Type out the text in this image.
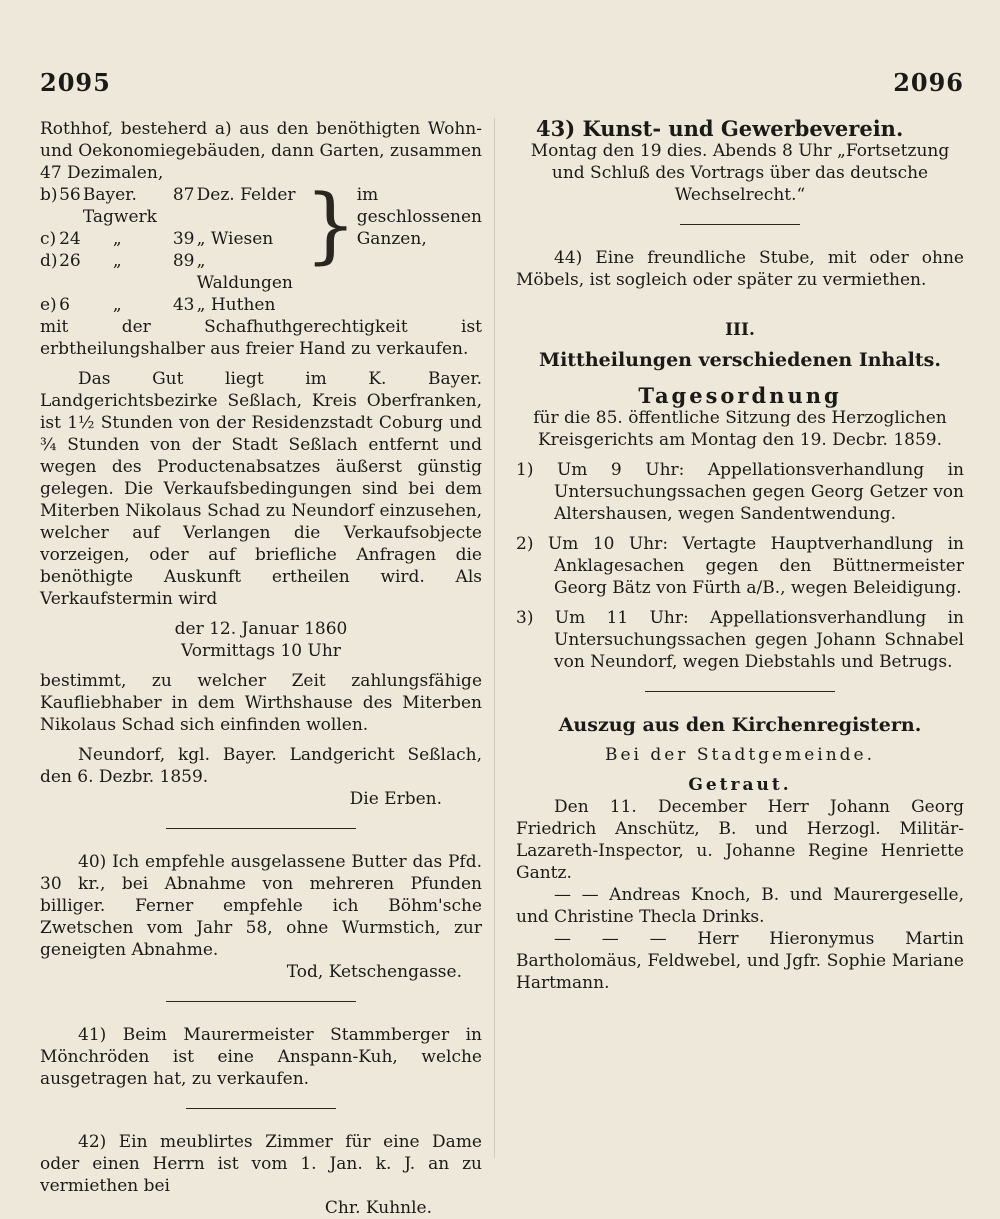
2095	2096

Rothhof, besteherd a) aus den benöthigten Wohn- und Oekonomiegebäuden, dann Garten, zusammen 47 Dezimalen,

b)	56	Bayer. Tagwerk	87	Dez. Felder	}	im geschlossenen Ganzen,
c)	24	„	39	„ Wiesen		
d)	26	„	89	„ Waldungen		
e)	6	„	43	„ Huthen		

mit der Schafhuthgerechtigkeit ist erbtheilungshalber aus freier Hand zu verkaufen.

Das Gut liegt im K. Bayer. Landgerichtsbezirke Seßlach, Kreis Oberfranken, ist 1½ Stunden von der Residenzstadt Coburg und ¾ Stunden von der Stadt Seßlach entfernt und wegen des Productenabsatzes äußerst günstig gelegen. Die Verkaufsbedingungen sind bei dem Miterben Nikolaus Schad zu Neundorf einzusehen, welcher auf Verlangen die Verkaufsobjecte vorzeigen, oder auf briefliche Anfragen die benöthigte Auskunft ertheilen wird. Als Verkaufstermin wird

der 12. Januar 1860

Vormittags 10 Uhr

bestimmt, zu welcher Zeit zahlungsfähige Kaufliebhaber in dem Wirthshause des Miterben Nikolaus Schad sich einfinden wollen.

Neundorf, kgl. Bayer. Landgericht Seßlach, den 6. Dezbr. 1859.

Die Erben.

40) Ich empfehle ausgelassene Butter das Pfd. 30 kr., bei Abnahme von mehreren Pfunden billiger. Ferner empfehle ich Böhm'sche Zwetschen vom Jahr 58, ohne Wurmstich, zur geneigten Abnahme.

Tod, Ketschengasse.

41) Beim Maurermeister Stammberger in Mönchröden ist eine Anspann-Kuh, welche ausgetragen hat, zu verkaufen.

42) Ein meublirtes Zimmer für eine Dame oder einen Herrn ist vom 1. Jan. k. J. an zu vermiethen bei

Chr. Kuhnle.

43) Kunst- und Gewerbeverein.

Montag den 19 dies. Abends 8 Uhr „Fortsetzung und Schluß des Vortrags über das deutsche Wechselrecht.“

44) Eine freundliche Stube, mit oder ohne Möbels, ist sogleich oder später zu vermiethen.

III.

Mittheilungen verschiedenen Inhalts.

Tagesordnung

für die 85. öffentliche Sitzung des Herzoglichen Kreisgerichts am Montag den 19. Decbr. 1859.

1) Um 9 Uhr: Appellationsverhandlung in Untersuchungssachen gegen Georg Getzer von Altershausen, wegen Sandentwendung.

2) Um 10 Uhr: Vertagte Hauptverhandlung in Anklagesachen gegen den Büttnermeister Georg Bätz von Fürth a/B., wegen Beleidigung.

3) Um 11 Uhr: Appellationsverhandlung in Untersuchungssachen gegen Johann Schnabel von Neundorf, wegen Diebstahls und Betrugs.

Auszug aus den Kirchenregistern.

Bei der Stadtgemeinde.

Getraut.

Den 11. December Herr Johann Georg Friedrich Anschütz, B. und Herzogl. Militär-Lazareth-Inspector, u. Johanne Regine Henriette Gantz.

— — Andreas Knoch, B. und Maurergeselle, und Christine Thecla Drinks.

— — — Herr Hieronymus Martin Bartholomäus, Feldwebel, und Jgfr. Sophie Mariane Hartmann.
